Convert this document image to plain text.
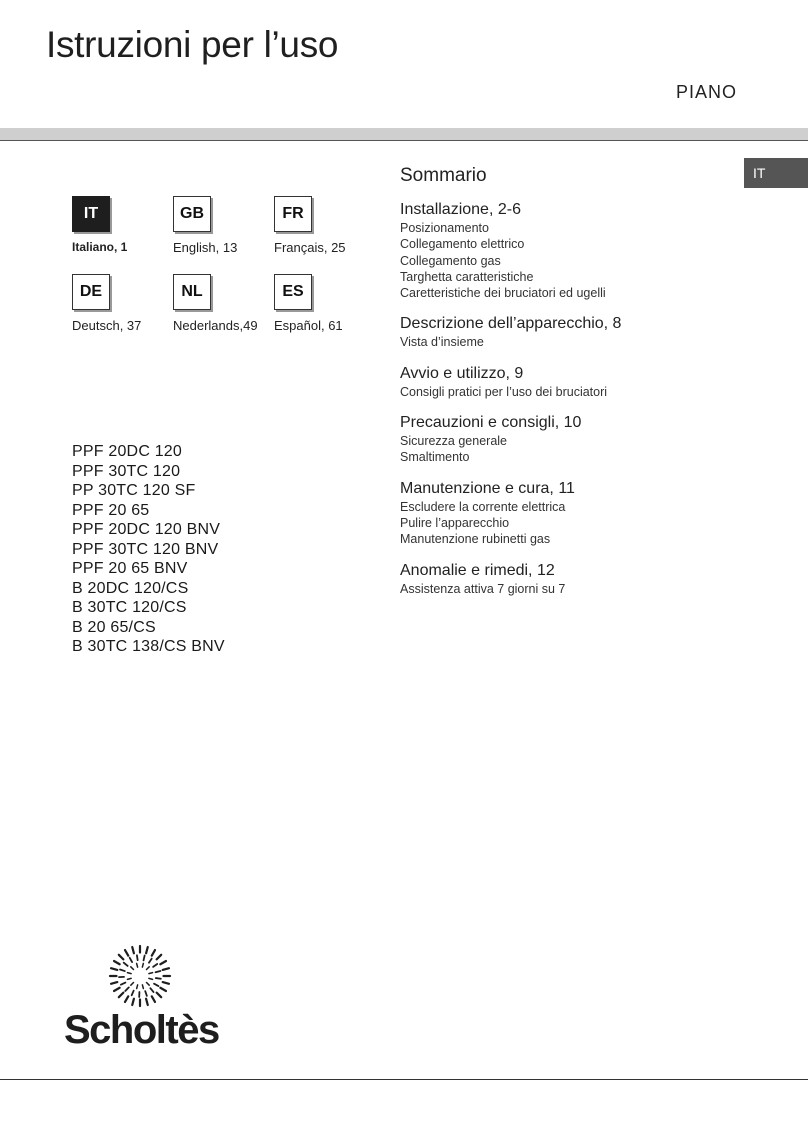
Istruzioni per l’uso
PIANO
IT
IT
Italiano, 1
GB
English, 13
FR
Français, 25
DE
Deutsch, 37
NL
Nederlands,49
ES
Español, 61
PPF 20DC 120
PPF 30TC 120
PP 30TC 120 SF
PPF 20 65
PPF 20DC 120 BNV
PPF 30TC 120 BNV
PPF 20 65 BNV
B 20DC 120/CS
B 30TC 120/CS
B 20 65/CS
B 30TC 138/CS BNV
Sommario
Installazione, 2-6
Posizionamento
Collegamento elettrico
Collegamento gas
Targhetta caratteristiche
Caretteristiche dei bruciatori ed ugelli
Descrizione dell’apparecchio, 8
Vista d’insieme
Avvio e utilizzo, 9
Consigli pratici per l’uso dei bruciatori
Precauzioni e consigli, 10
Sicurezza generale
Smaltimento
Manutenzione e cura, 11
Escludere la corrente elettrica
Pulire l’apparecchio
Manutenzione rubinetti gas
Anomalie e rimedi, 12
Assistenza attiva 7 giorni su 7
Scholtès
